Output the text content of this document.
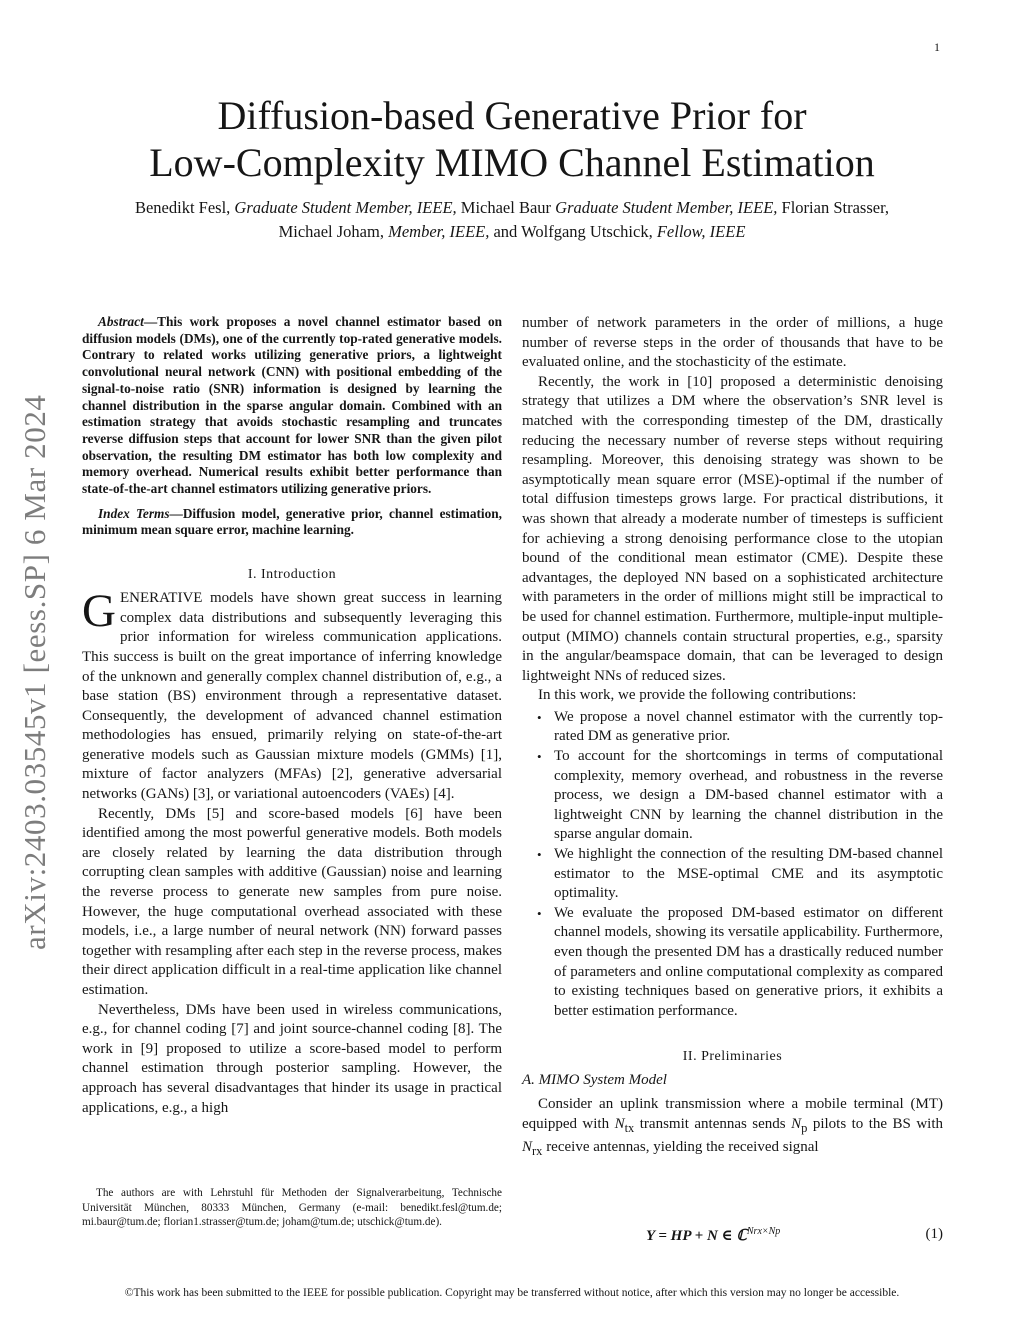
1
arXiv:2403.03545v1 [eess.SP] 6 Mar 2024
Diffusion-based Generative Prior for
Low-Complexity MIMO Channel Estimation
Benedikt Fesl, Graduate Student Member, IEEE, Michael Baur Graduate Student Member, IEEE, Florian Strasser,
Michael Joham, Member, IEEE, and Wolfgang Utschick, Fellow, IEEE

Abstract—This work proposes a novel channel estimator based on diffusion models (DMs), one of the currently top-rated generative models. Contrary to related works utilizing generative priors, a lightweight convolutional neural network (CNN) with positional embedding of the signal-to-noise ratio (SNR) information is designed by learning the channel distribution in the sparse angular domain. Combined with an estimation strategy that avoids stochastic resampling and truncates reverse diffusion steps that account for lower SNR than the given pilot observation, the resulting DM estimator has both low complexity and memory overhead. Numerical results exhibit better performance than state-of-the-art channel estimators utilizing generative priors.

Index Terms—Diffusion model, generative prior, channel estimation, minimum mean square error, machine learning.

I. Introduction

GENERATIVE models have shown great success in learning complex data distributions and subsequently leveraging this prior information for wireless communication applications. This success is built on the great importance of inferring knowledge of the unknown and generally complex channel distribution of, e.g., a base station (BS) environment through a representative dataset. Consequently, the development of advanced channel estimation methodologies has ensued, primarily relying on state-of-the-art generative models such as Gaussian mixture models (GMMs) [1], mixture of factor analyzers (MFAs) [2], generative adversarial networks (GANs) [3], or variational autoencoders (VAEs) [4].

Recently, DMs [5] and score-based models [6] have been identified among the most powerful generative models. Both models are closely related by learning the data distribution through corrupting clean samples with additive (Gaussian) noise and learning the reverse process to generate new samples from pure noise. However, the huge computational overhead associated with these models, i.e., a large number of neural network (NN) forward passes together with resampling after each step in the reverse process, makes their direct application difficult in a real-time application like channel estimation.

Nevertheless, DMs have been used in wireless communications, e.g., for channel coding [7] and joint source-channel coding [8]. The work in [9] proposed to utilize a score-based model to perform channel estimation through posterior sampling. However, the approach has several disadvantages that hinder its usage in practical applications, e.g., a high

The authors are with Lehrstuhl für Methoden der Signalverarbeitung, Technische Universität München, 80333 München, Germany (e-mail: benedikt.fesl@tum.de; mi.baur@tum.de; florian1.strasser@tum.de; joham@tum.de; utschick@tum.de).

number of network parameters in the order of millions, a huge number of reverse steps in the order of thousands that have to be evaluated online, and the stochasticity of the estimate.

Recently, the work in [10] proposed a deterministic denoising strategy that utilizes a DM where the observation’s SNR level is matched with the corresponding timestep of the DM, drastically reducing the necessary number of reverse steps without requiring resampling. Moreover, this denoising strategy was shown to be asymptotically mean square error (MSE)-optimal if the number of total diffusion timesteps grows large. For practical distributions, it was shown that already a moderate number of timesteps is sufficient for achieving a strong denoising performance close to the utopian bound of the conditional mean estimator (CME). Despite these advantages, the deployed NN based on a sophisticated architecture with parameters in the order of millions might still be impractical to be used for channel estimation. Furthermore, multiple-input multiple-output (MIMO) channels contain structural properties, e.g., sparsity in the angular/beamspace domain, that can be leveraged to design lightweight NNs of reduced sizes.

In this work, we provide the following contributions:

• We propose a novel channel estimator with the currently top-rated DM as generative prior.
• To account for the shortcomings in terms of computational complexity, memory overhead, and robustness in the reverse process, we design a DM-based channel estimator with a lightweight CNN by learning the channel distribution in the sparse angular domain.
• We highlight the connection of the resulting DM-based channel estimator to the MSE-optimal CME and its asymptotic optimality.
• We evaluate the proposed DM-based estimator on different channel models, showing its versatile applicability. Furthermore, even though the presented DM has a drastically reduced number of parameters and online computational complexity as compared to existing techniques based on generative priors, it exhibits a better estimation performance.
II. Preliminaries
A. MIMO System Model

Consider an uplink transmission where a mobile terminal (MT) equipped with $N_{tx}$ transmit antennas sends $N_p$ pilots to the BS with $N_{rx}$ receive antennas, yielding the received signal

Y = HP + N ∈ ℂ$^{Nrx\times Np}$	(1)
©This work has been submitted to the IEEE for possible publication. Copyright may be transferred without notice, after which this version may no longer be accessible.
